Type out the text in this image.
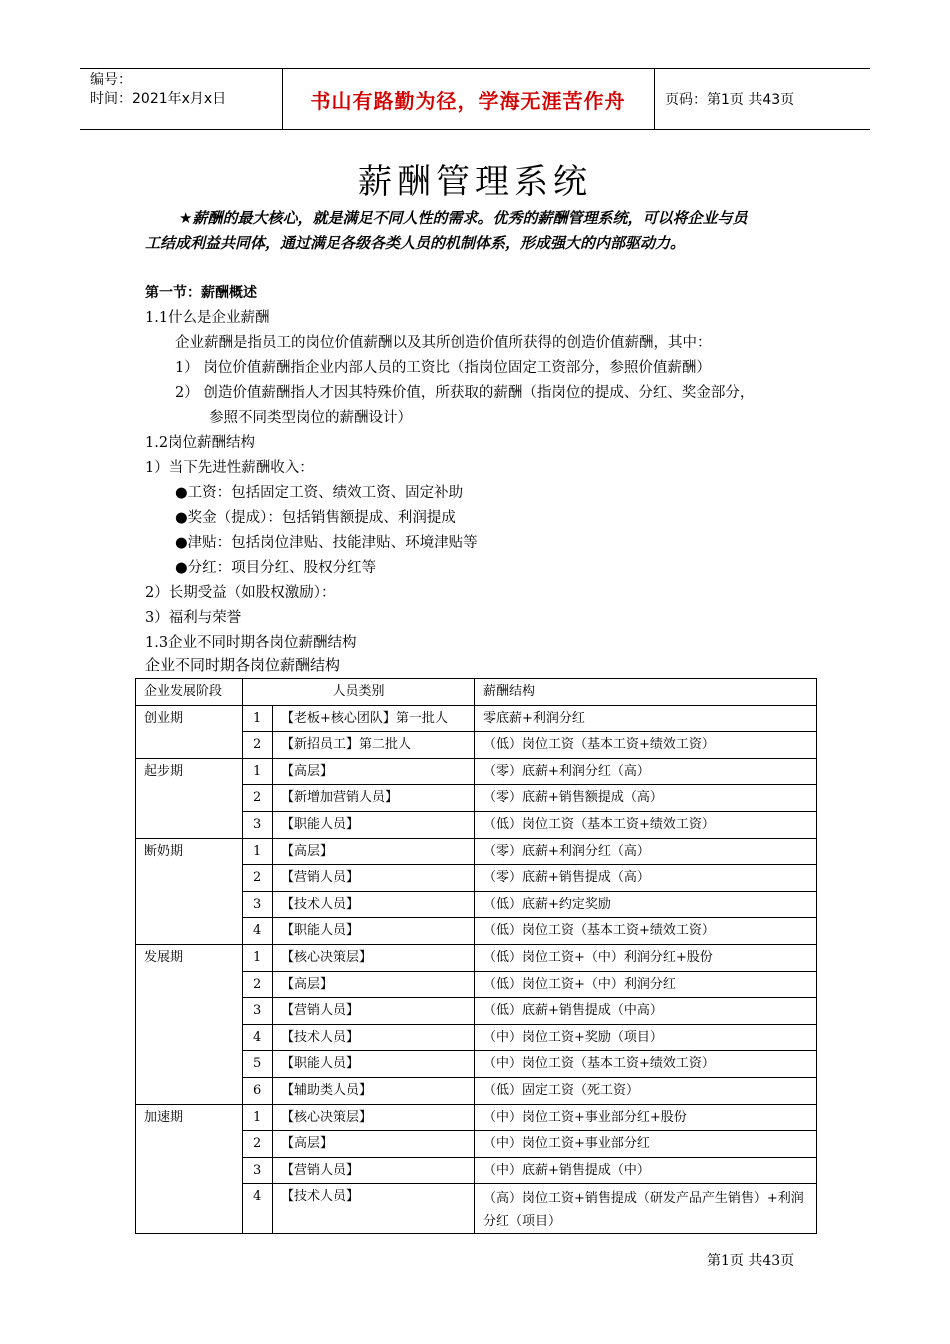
编号：
时间：2021年x月x日	书山有路勤为径，学海无涯苦作舟	页码：第1页 共43页
薪酬管理系统

★薪酬的最大核心，就是满足不同人性的需求。优秀的薪酬管理系统，可以将企业与员

工结成利益共同体，通过满足各级各类人员的机制体系，形成强大的内部驱动力。

第一节：薪酬概述

1.1什么是企业薪酬

企业薪酬是指员工的岗位价值薪酬以及其所创造价值所获得的创造价值薪酬，其中：

1） 岗位价值薪酬指企业内部人员的工资比（指岗位固定工资部分，参照价值薪酬）

2） 创造价值薪酬指人才因其特殊价值，所获取的薪酬（指岗位的提成、分红、奖金部分，

参照不同类型岗位的薪酬设计）

1.2岗位薪酬结构

1）当下先进性薪酬收入：

●工资：包括固定工资、绩效工资、固定补助

●奖金（提成）：包括销售额提成、利润提成

●津贴：包括岗位津贴、技能津贴、环境津贴等

●分红：项目分红、股权分红等

2）长期受益（如股权激励）：

3）福利与荣誉

1.3企业不同时期各岗位薪酬结构

企业不同时期各岗位薪酬结构
企业发展阶段	人员类别		薪酬结构
创业期	1	【老板+核心团队】第一批人	零底薪+利润分红
	2	【新招员工】第二批人	（低）岗位工资（基本工资+绩效工资）
起步期	1	【高层】	（零）底薪+利润分红（高）
	2	【新增加营销人员】	（零）底薪+销售额提成（高）
	3	【职能人员】	（低）岗位工资（基本工资+绩效工资）
断奶期	1	【高层】	（零）底薪+利润分红（高）
	2	【营销人员】	（零）底薪+销售提成（高）
	3	【技术人员】	（低）底薪+约定奖励
	4	【职能人员】	（低）岗位工资（基本工资+绩效工资）
发展期	1	【核心决策层】	（低）岗位工资+（中）利润分红+股份
	2	【高层】	（低）岗位工资+（中）利润分红
	3	【营销人员】	（低）底薪+销售提成（中高）
	4	【技术人员】	（中）岗位工资+奖励（项目）
	5	【职能人员】	（中）岗位工资（基本工资+绩效工资）
	6	【辅助类人员】	（低）固定工资（死工资）
加速期	1	【核心决策层】	（中）岗位工资+事业部分红+股份
	2	【高层】	（中）岗位工资+事业部分红
	3	【营销人员】	（中）底薪+销售提成（中）
	4	【技术人员】	（高）岗位工资+销售提成（研发产品产生销售）+利润分红（项目）
第1页 共43页
